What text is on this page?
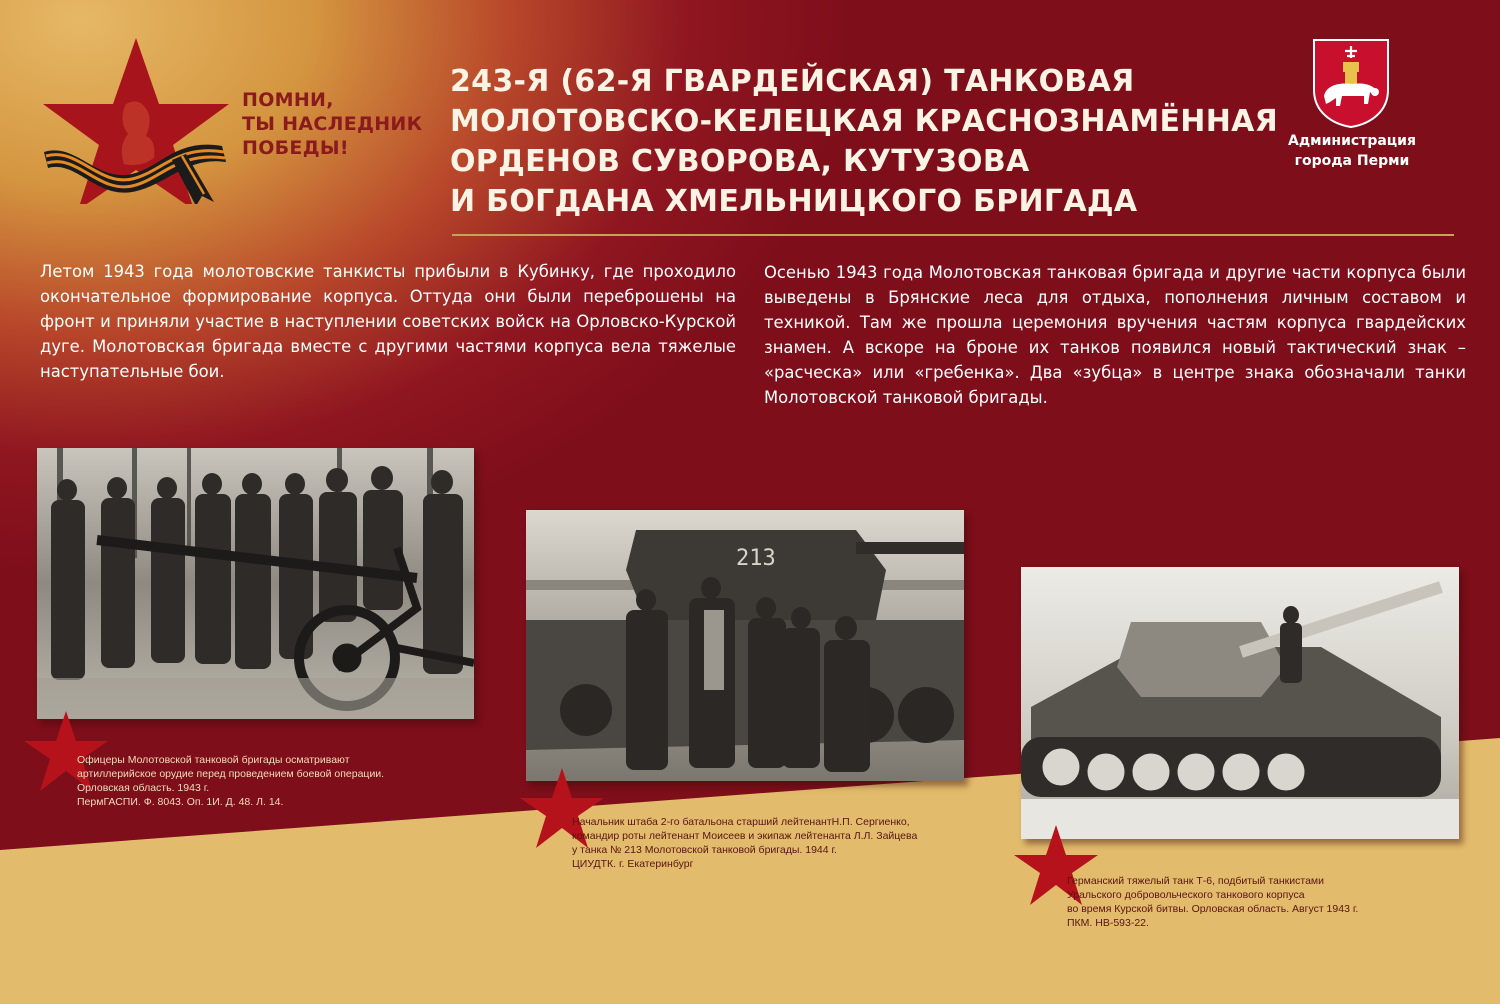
ПОМНИ,
ТЫ НАСЛЕДНИК
ПОБЕДЫ!
243-Я (62-Я ГВАРДЕЙСКАЯ) ТАНКОВАЯ
МОЛОТОВСКО-КЕЛЕЦКАЯ КРАСНОЗНАМЁННАЯ
ОРДЕНОВ СУВОРОВА, КУТУЗОВА
И БОГДАНА ХМЕЛЬНИЦКОГО БРИГАДА
Администрация
города Перми

Летом 1943 года молотовские танкисты прибыли в Кубинку, где проходило окончательное формирование корпуса. Оттуда они были переброшены на фронт и приняли участие в наступлении советских войск на Орловско-Курской дуге. Молотовская бригада вместе с другими частями корпуса вела тяжелые наступательные бои.

Осенью 1943 года Молотовская танковая бригада и другие части корпуса были выведены в Брянские леса для отдыха, пополнения личным составом и техникой. Там же прошла церемония вручения частям корпуса гвардейских знамен. А вскоре на броне их танков появился новый тактический знак – «расческа» или «гребенка». Два «зубца» в центре знака обозначали танки Молотовской танковой бригады.

213
Офицеры Молотовской танковой бригады осматривают
артиллерийское орудие перед проведением боевой операции.
Орловская область. 1943 г.
ПермГАСПИ. Ф. 8043. Оп. 1И. Д. 48. Л. 14.
Начальник штаба 2-го батальона старший лейтенантН.П. Сергиенко,
командир роты лейтенант Моисеев и экипаж лейтенанта Л.Л. Зайцева
у танка № 213 Молотовской танковой бригады. 1944 г.
ЦИУДТК. г. Екатеринбург
Германский тяжелый танк Т-6, подбитый танкистами
Уральского добровольческого танкового корпуса
во время Курской битвы. Орловская область. Август 1943 г.
ПКМ. НВ-593-22.
